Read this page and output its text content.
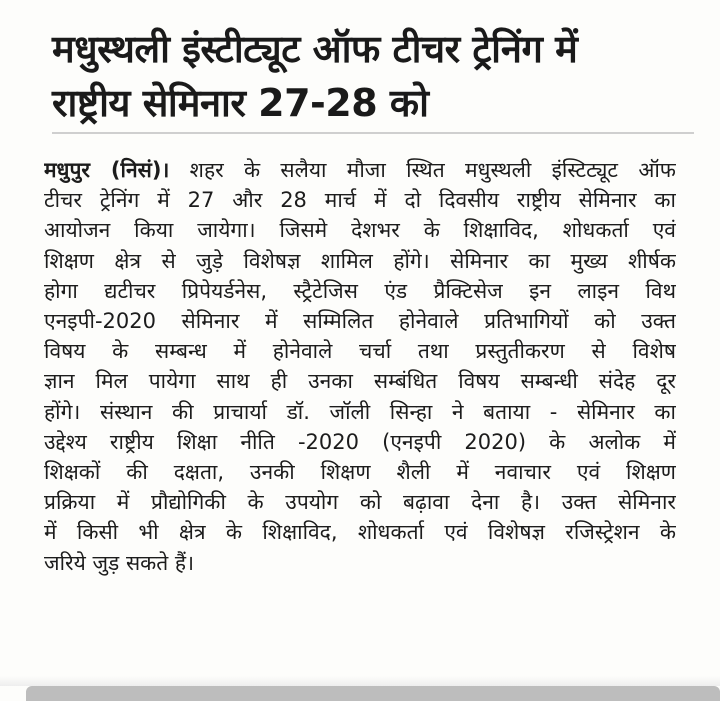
मधुस्थली इंस्टीट्यूट ऑफ टीचर ट्रेनिंग में
राष्ट्रीय सेमिनार 27-28 को
मधुपुर (निसं)। शहर के सलैया मौजा स्थित मधुस्थली इंस्टिट्यूट ऑफ
टीचर ट्रेनिंग में 27 और 28 मार्च में दो दिवसीय राष्ट्रीय सेमिनार का
आयोजन किया जायेगा। जिसमे देशभर के शिक्षाविद, शोधकर्ता एवं
शिक्षण क्षेत्र से जुड़े विशेषज्ञ शामिल होंगे। सेमिनार का मुख्य शीर्षक
होगा द्यटीचर प्रिपेयर्डनेस, स्ट्रैटेजिस एंड प्रैक्टिसेज इन लाइन विथ
एनइपी-2020 सेमिनार में सम्मिलित होनेवाले प्रतिभागियों को उक्त
विषय के सम्बन्ध में होनेवाले चर्चा तथा प्रस्तुतीकरण से विशेष
ज्ञान मिल पायेगा साथ ही उनका सम्बंधित विषय सम्बन्धी संदेह दूर
होंगे। संस्थान की प्राचार्या डॉ. जॉली सिन्हा ने बताया - सेमिनार का
उद्देश्य राष्ट्रीय शिक्षा नीति -2020 (एनइपी 2020) के अलोक में
शिक्षकों की दक्षता, उनकी शिक्षण शैली में नवाचार एवं शिक्षण
प्रक्रिया में प्रौद्योगिकी के उपयोग को बढ़ावा देना है। उक्त सेमिनार
में किसी भी क्षेत्र के शिक्षाविद, शोधकर्ता एवं विशेषज्ञ रजिस्ट्रेशन के
जरिये जुड़ सकते हैं।
